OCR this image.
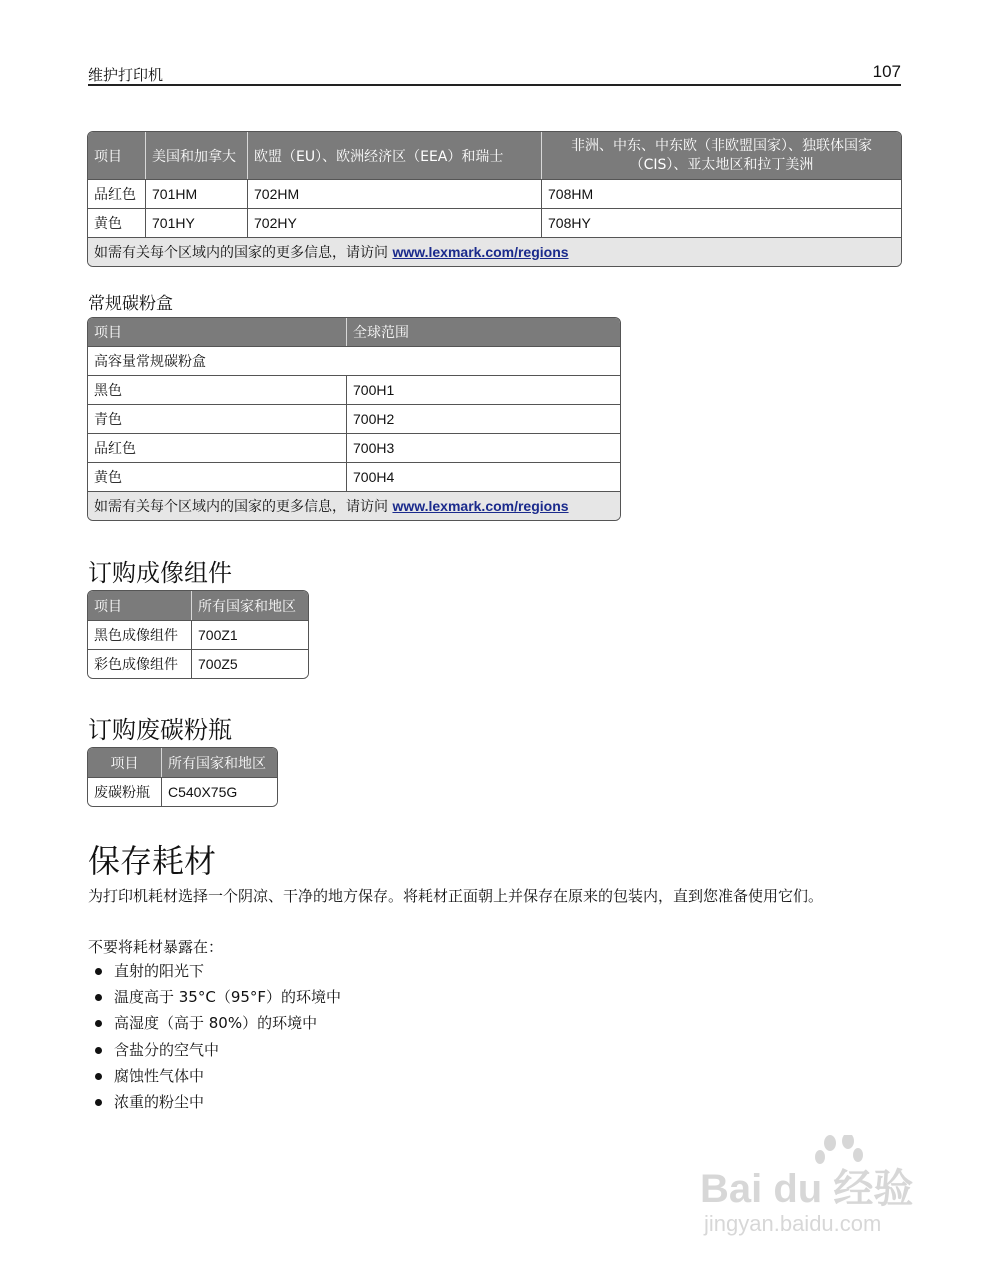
维护打印机	107
项目	美国和加拿大	欧盟（EU）、欧洲经济区（EEA）和瑞士	非洲、中东、中东欧（非欧盟国家）、独联体国家（CIS）、亚太地区和拉丁美洲
品红色	701HM	702HM	708HM
黄色	701HY	702HY	708HY
如需有关每个区域内的国家的更多信息，请访问 www.lexmark.com/regions			
常规碳粉盒
项目	全球范围
高容量常规碳粉盒	
黑色	700H1
青色	700H2
品红色	700H3
黄色	700H4
如需有关每个区域内的国家的更多信息，请访问 www.lexmark.com/regions	
订购成像组件
项目	所有国家和地区
黑色成像组件	700Z1
彩色成像组件	700Z5
订购废碳粉瓶
项目	所有国家和地区
废碳粉瓶	C540X75G
保存耗材
为打印机耗材选择一个阴凉、干净的地方保存。将耗材正面朝上并保存在原来的包装内，直到您准备使用它们。
不要将耗材暴露在：
直射的阳光下
温度高于 35°C（95°F）的环境中
高湿度（高于 80%）的环境中
含盐分的空气中
腐蚀性气体中
浓重的粉尘中
Bai du 经验
jingyan.baidu.com
